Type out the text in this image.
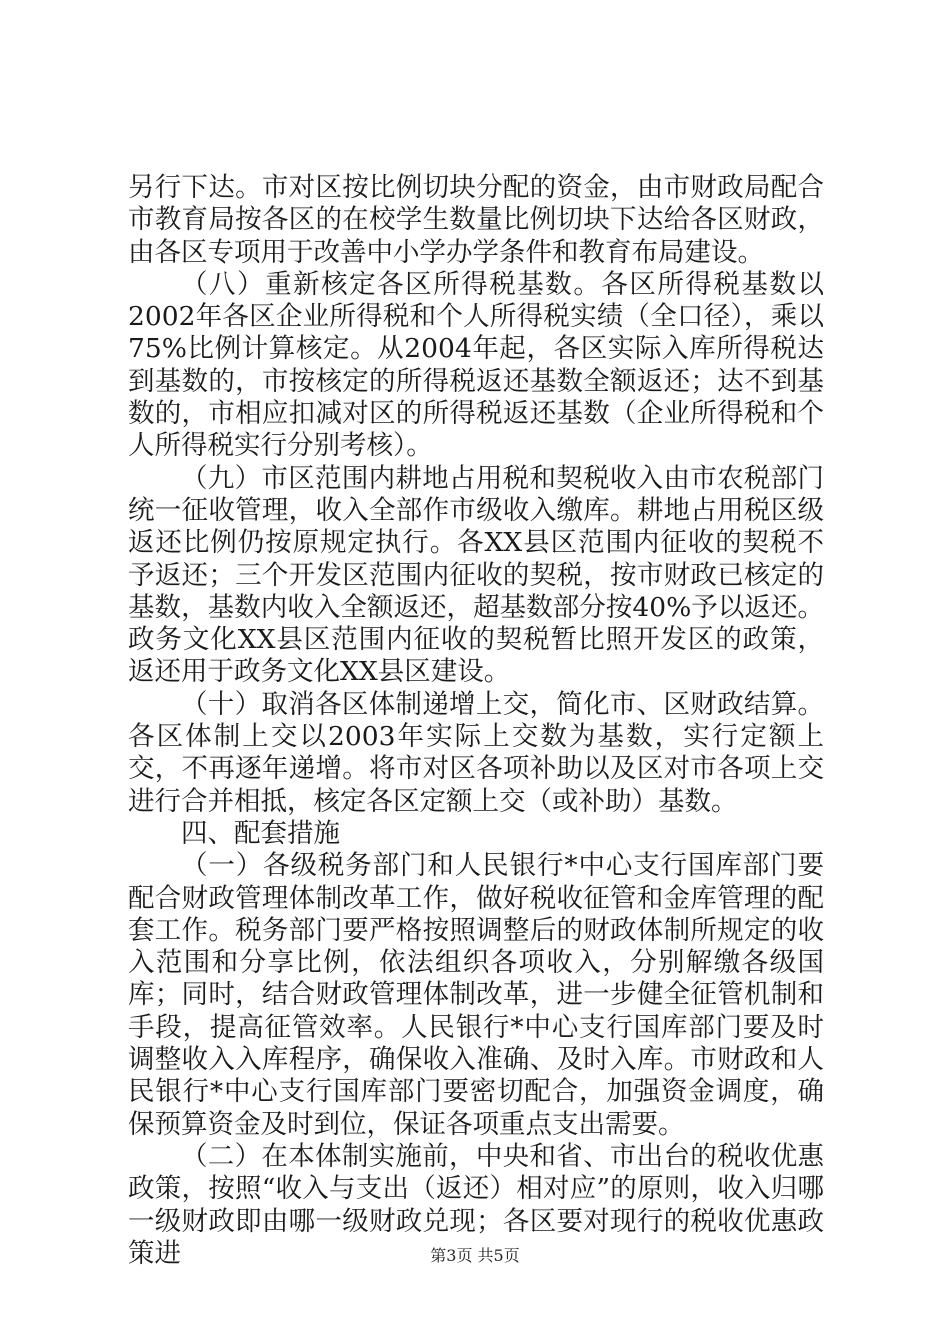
另行下达。市对区按比例切块分配的资金，由市财政局配合市教育局按各区的在校学生数量比例切块下达给各区财政，由各区专项用于改善中小学办学条件和教育布局建设。

（八）重新核定各区所得税基数。各区所得税基数以2002年各区企业所得税和个人所得税实绩（全口径），乘以75%比例计算核定。从2004年起，各区实际入库所得税达到基数的，市按核定的所得税返还基数全额返还；达不到基数的，市相应扣减对区的所得税返还基数（企业所得税和个人所得税实行分别考核）。

（九）市区范围内耕地占用税和契税收入由市农税部门统一征收管理，收入全部作市级收入缴库。耕地占用税区级返还比例仍按原规定执行。各XX县区范围内征收的契税不予返还；三个开发区范围内征收的契税，按市财政已核定的基数，基数内收入全额返还，超基数部分按40%予以返还。政务文化XX县区范围内征收的契税暂比照开发区的政策，返还用于政务文化XX县区建设。

（十）取消各区体制递增上交，简化市、区财政结算。各区体制上交以2003年实际上交数为基数，实行定额上交，不再逐年递增。将市对区各项补助以及区对市各项上交进行合并相抵，核定各区定额上交（或补助）基数。

四、配套措施

（一）各级税务部门和人民银行*中心支行国库部门要配合财政管理体制改革工作，做好税收征管和金库管理的配套工作。税务部门要严格按照调整后的财政体制所规定的收入范围和分享比例，依法组织各项收入，分别解缴各级国库；同时，结合财政管理体制改革，进一步健全征管机制和手段，提高征管效率。人民银行*中心支行国库部门要及时调整收入入库程序，确保收入准确、及时入库。市财政和人民银行*中心支行国库部门要密切配合，加强资金调度，确保预算资金及时到位，保证各项重点支出需要。

（二）在本体制实施前，中央和省、市出台的税收优惠政策，按照“收入与支出（返还）相对应”的原则，收入归哪一级财政即由哪一级财政兑现；各区要对现行的税收优惠政策进	第3页 共5页
